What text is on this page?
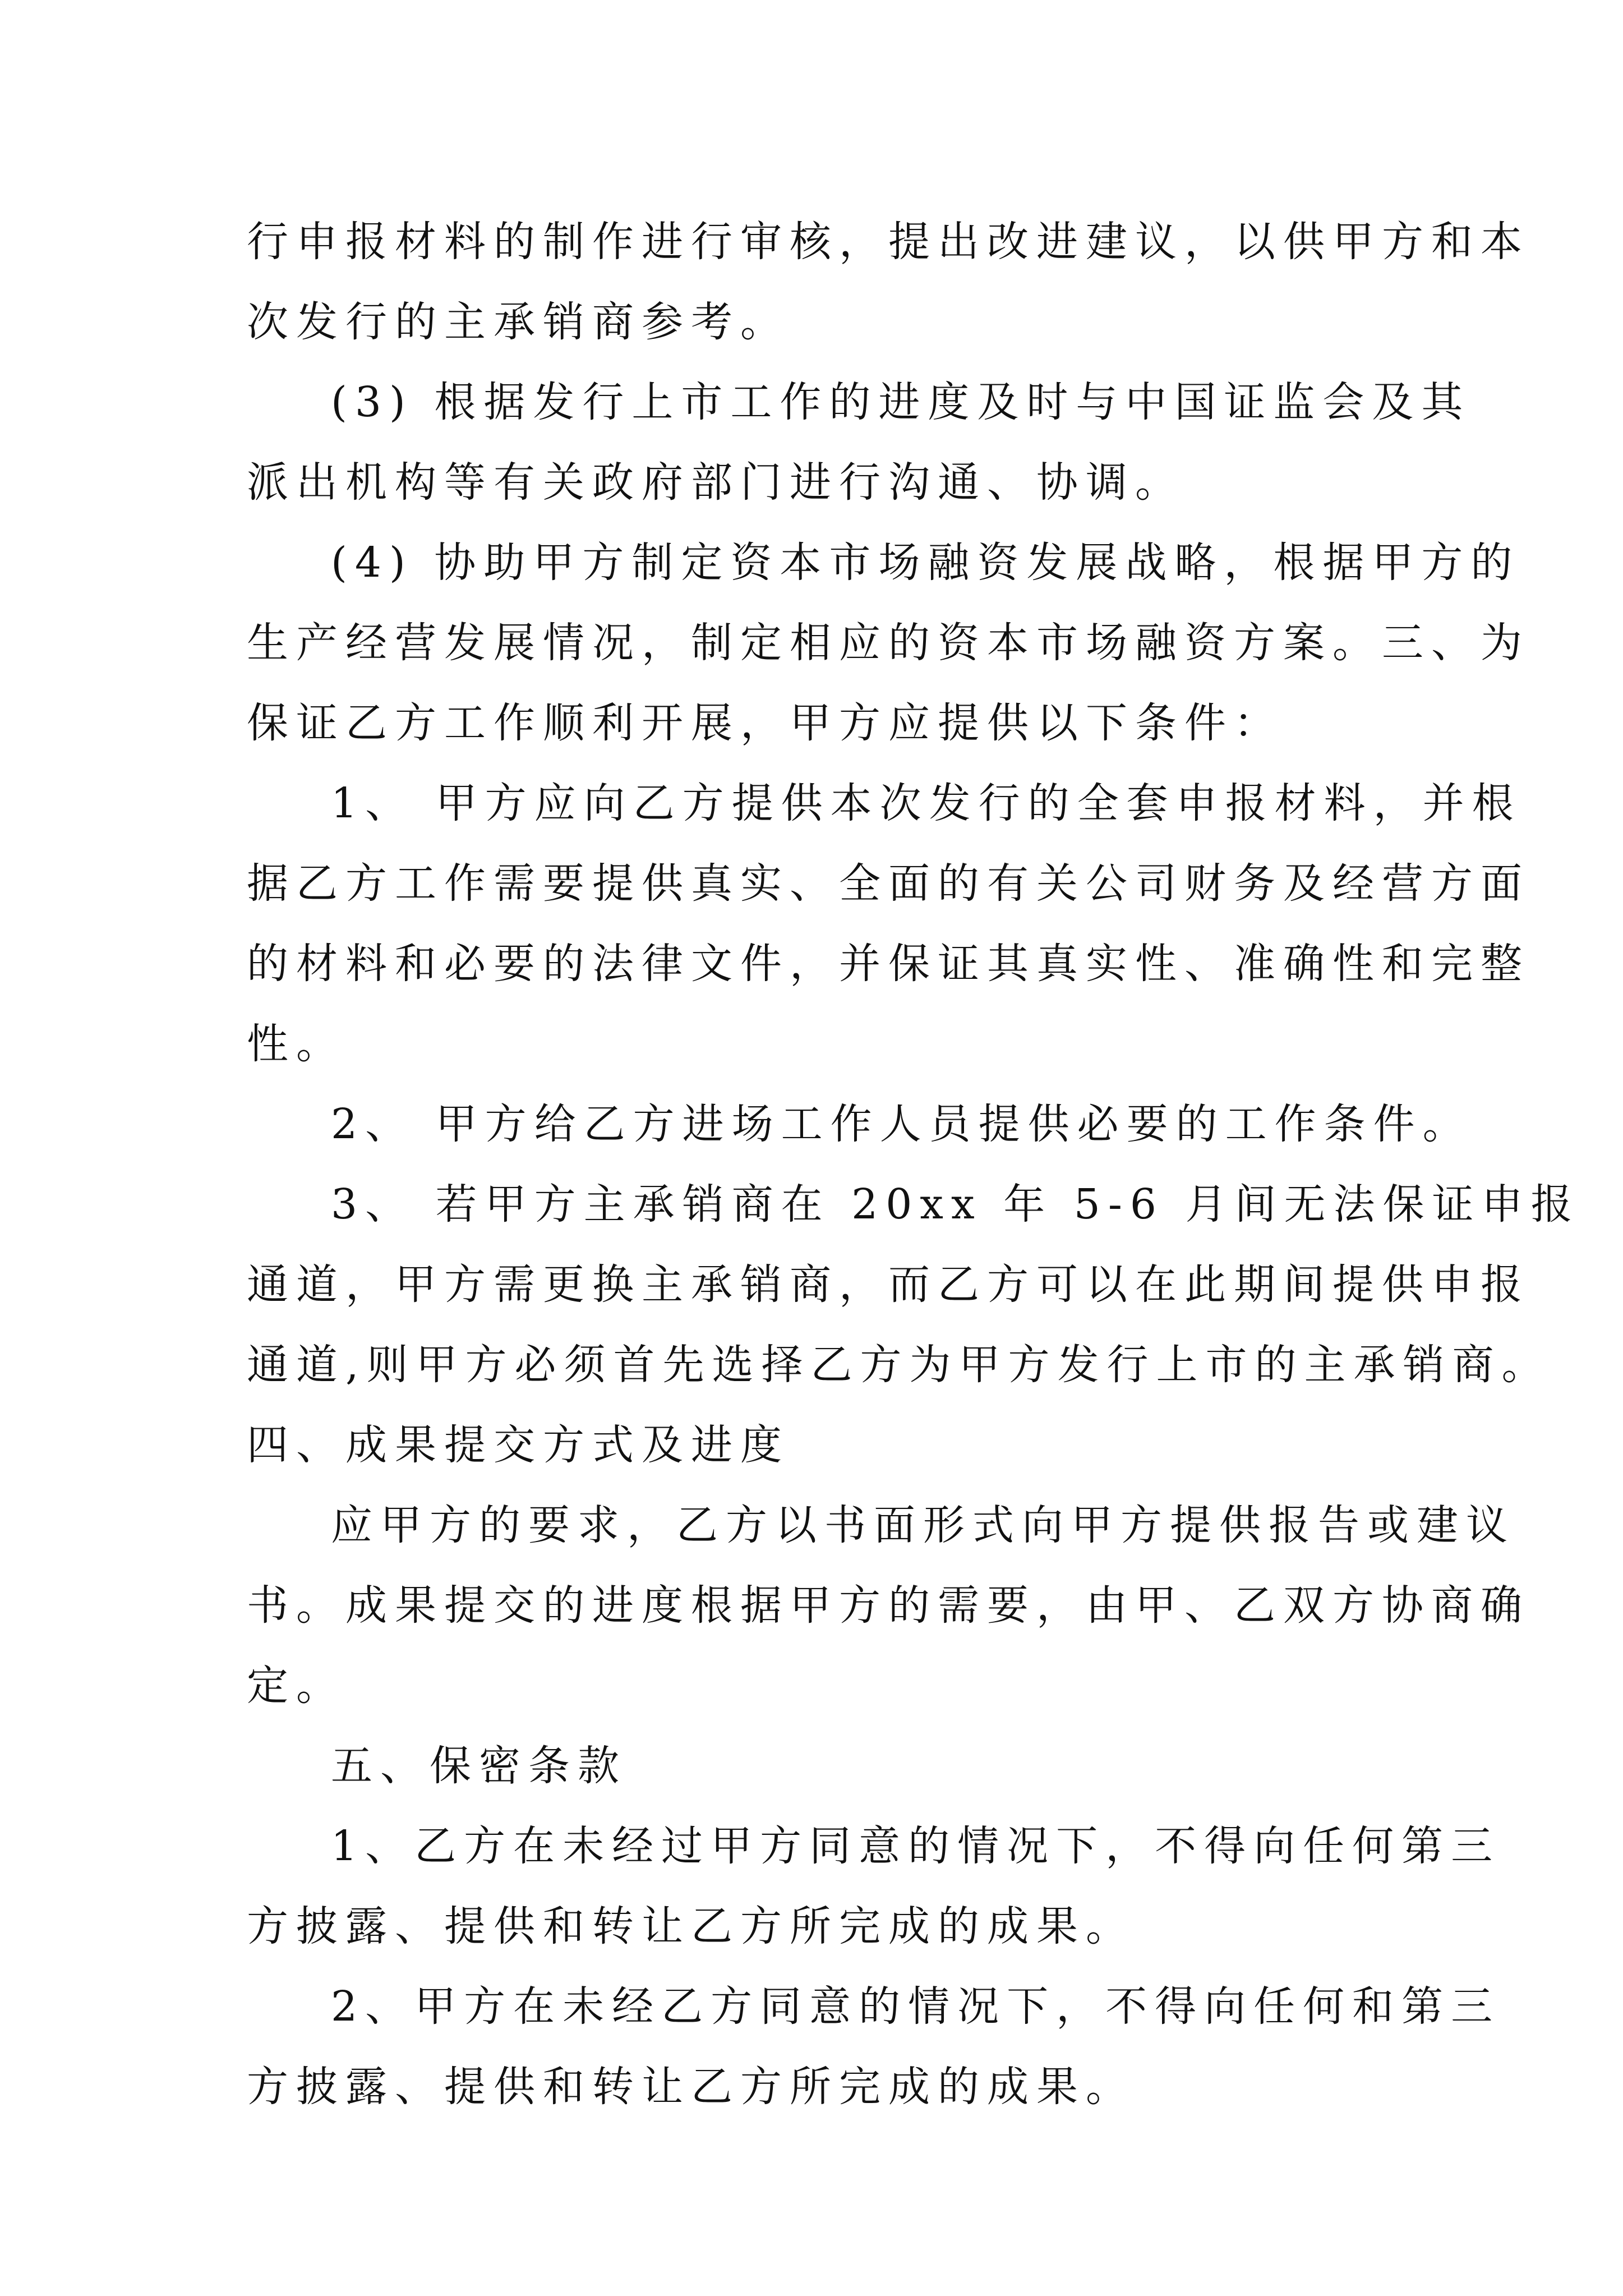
行申报材料的制作进行审核，提出改进建议，以供甲方和本
次发行的主承销商参考。
(3) 根据发行上市工作的进度及时与中国证监会及其
派出机构等有关政府部门进行沟通、协调。
(4) 协助甲方制定资本市场融资发展战略，根据甲方的
生产经营发展情况，制定相应的资本市场融资方案。三、为
保证乙方工作顺利开展，甲方应提供以下条件：
1、 甲方应向乙方提供本次发行的全套申报材料，并根
据乙方工作需要提供真实、全面的有关公司财务及经营方面
的材料和必要的法律文件，并保证其真实性、准确性和完整
性。
2、 甲方给乙方进场工作人员提供必要的工作条件。
3、 若甲方主承销商在 20xx 年 5-6 月间无法保证申报
通道，甲方需更换主承销商，而乙方可以在此期间提供申报
通道,则甲方必须首先选择乙方为甲方发行上市的主承销商。
四、成果提交方式及进度
应甲方的要求，乙方以书面形式向甲方提供报告或建议
书。成果提交的进度根据甲方的需要，由甲、乙双方协商确
定。
五、保密条款
1、乙方在未经过甲方同意的情况下，不得向任何第三
方披露、提供和转让乙方所完成的成果。
2、甲方在未经乙方同意的情况下，不得向任何和第三
方披露、提供和转让乙方所完成的成果。
